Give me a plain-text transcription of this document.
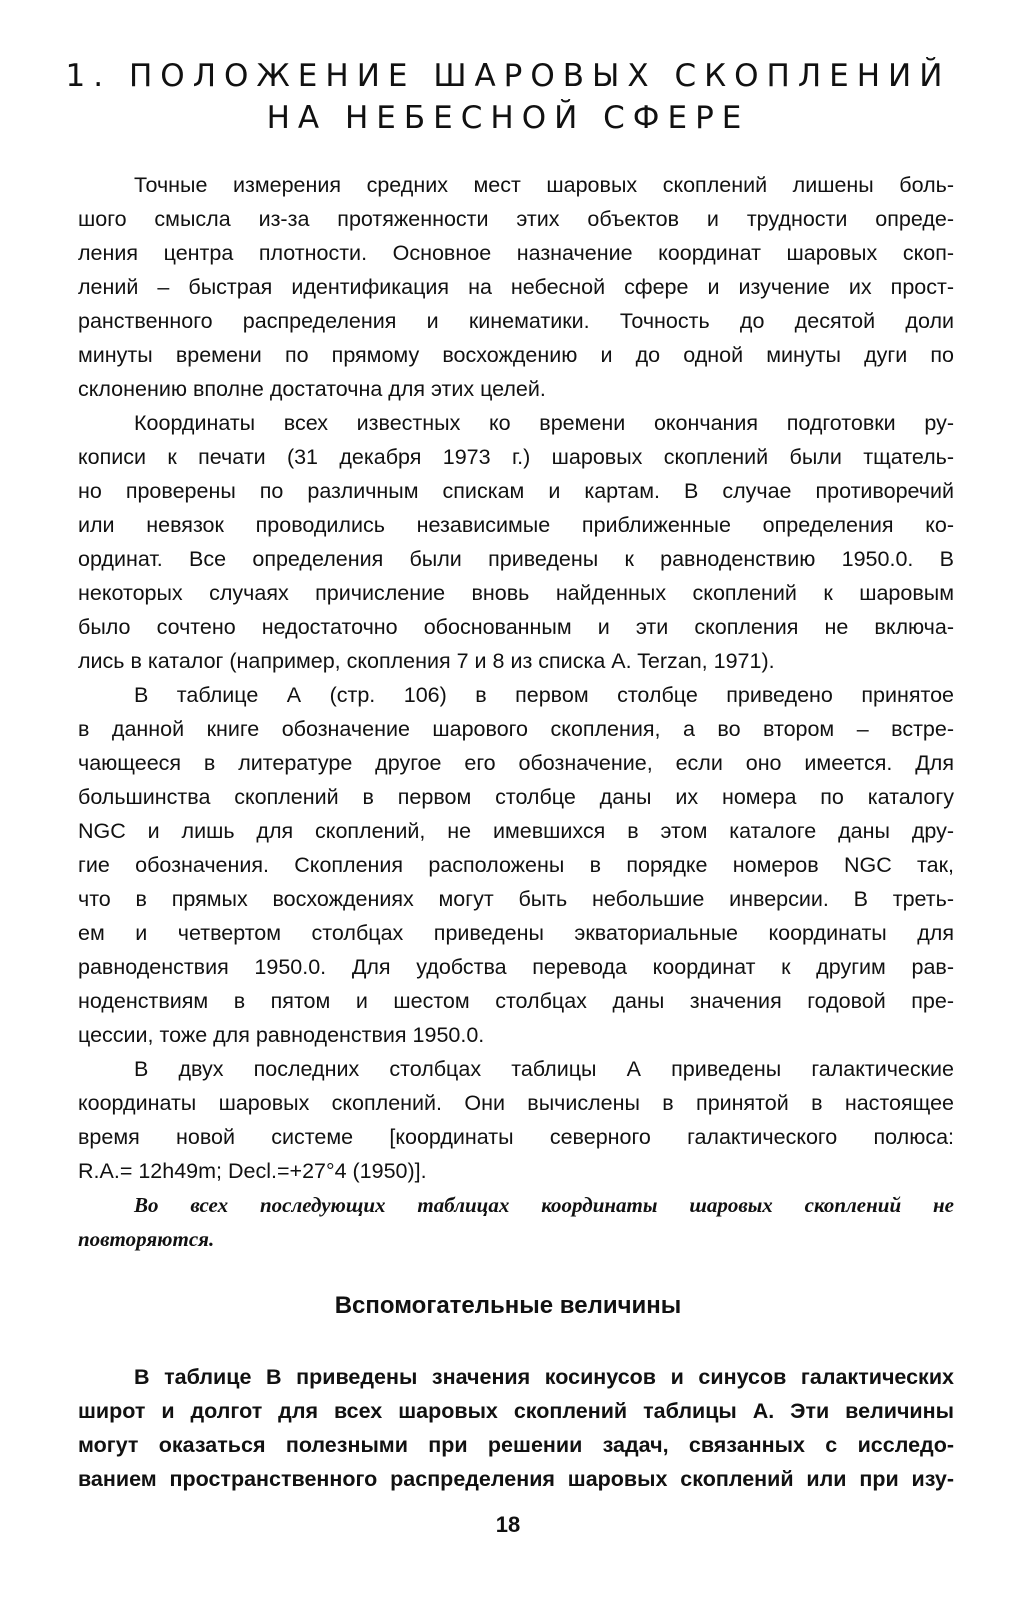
1. ПОЛОЖЕНИЕ ШАРОВЫХ СКОПЛЕНИЙ
НА НЕБЕСНОЙ СФЕРЕ
Точные измерения средних мест шаровых скоплений лишены боль-
шого смысла из-за протяженности этих объектов и трудности опреде-
ления центра плотности. Основное назначение координат шаровых скоп-
лений – быстрая идентификация на небесной сфере и изучение их прост-
ранственного распределения и кинематики. Точность до десятой доли
минуты времени по прямому восхождению и до одной минуты дуги по
склонению вполне достаточна для этих целей.
Координаты всех известных ко времени окончания подготовки ру-
кописи к печати (31 декабря 1973 г.) шаровых скоплений были тщатель-
но проверены по различным спискам и картам. В случае противоречий
или невязок проводились независимые приближенные определения ко-
ординат. Все определения были приведены к равноденствию 1950.0. В
некоторых случаях причисление вновь найденных скоплений к шаровым
было сочтено недостаточно обоснованным и эти скопления не включа-
лись в каталог (например, скопления 7 и 8 из списка A. Terzan, 1971).
В таблице А (стр. 106) в первом столбце приведено принятое
в данной книге обозначение шарового скопления, а во втором – встре-
чающееся в литературе другое его обозначение, если оно имеется. Для
большинства скоплений в первом столбце даны их номера по каталогу
NGC и лишь для скоплений, не имевшихся в этом каталоге даны дру-
гие обозначения. Скопления расположены в порядке номеров NGC так,
что в прямых восхождениях могут быть небольшие инверсии. В треть-
ем и четвертом столбцах приведены экваториальные координаты для
равноденствия 1950.0. Для удобства перевода координат к другим рав-
ноденствиям в пятом и шестом столбцах даны значения годовой пре-
цессии, тоже для равноденствия 1950.0.
В двух последних столбцах таблицы А приведены галактические
координаты шаровых скоплений. Они вычислены в принятой в настоящее
время новой системе [координаты северного галактического полюса:
R.A.= 12h49m; Decl.=+27°4 (1950)].
Во всех последующих таблицах координаты шаровых скоплений не
повторяются.
Вспомогательные величины
В таблице В приведены значения косинусов и синусов галактических
широт и долгот для всех шаровых скоплений таблицы А. Эти величины
могут оказаться полезными при решении задач, связанных с исследо-
ванием пространственного распределения шаровых скоплений или при изу-
18
